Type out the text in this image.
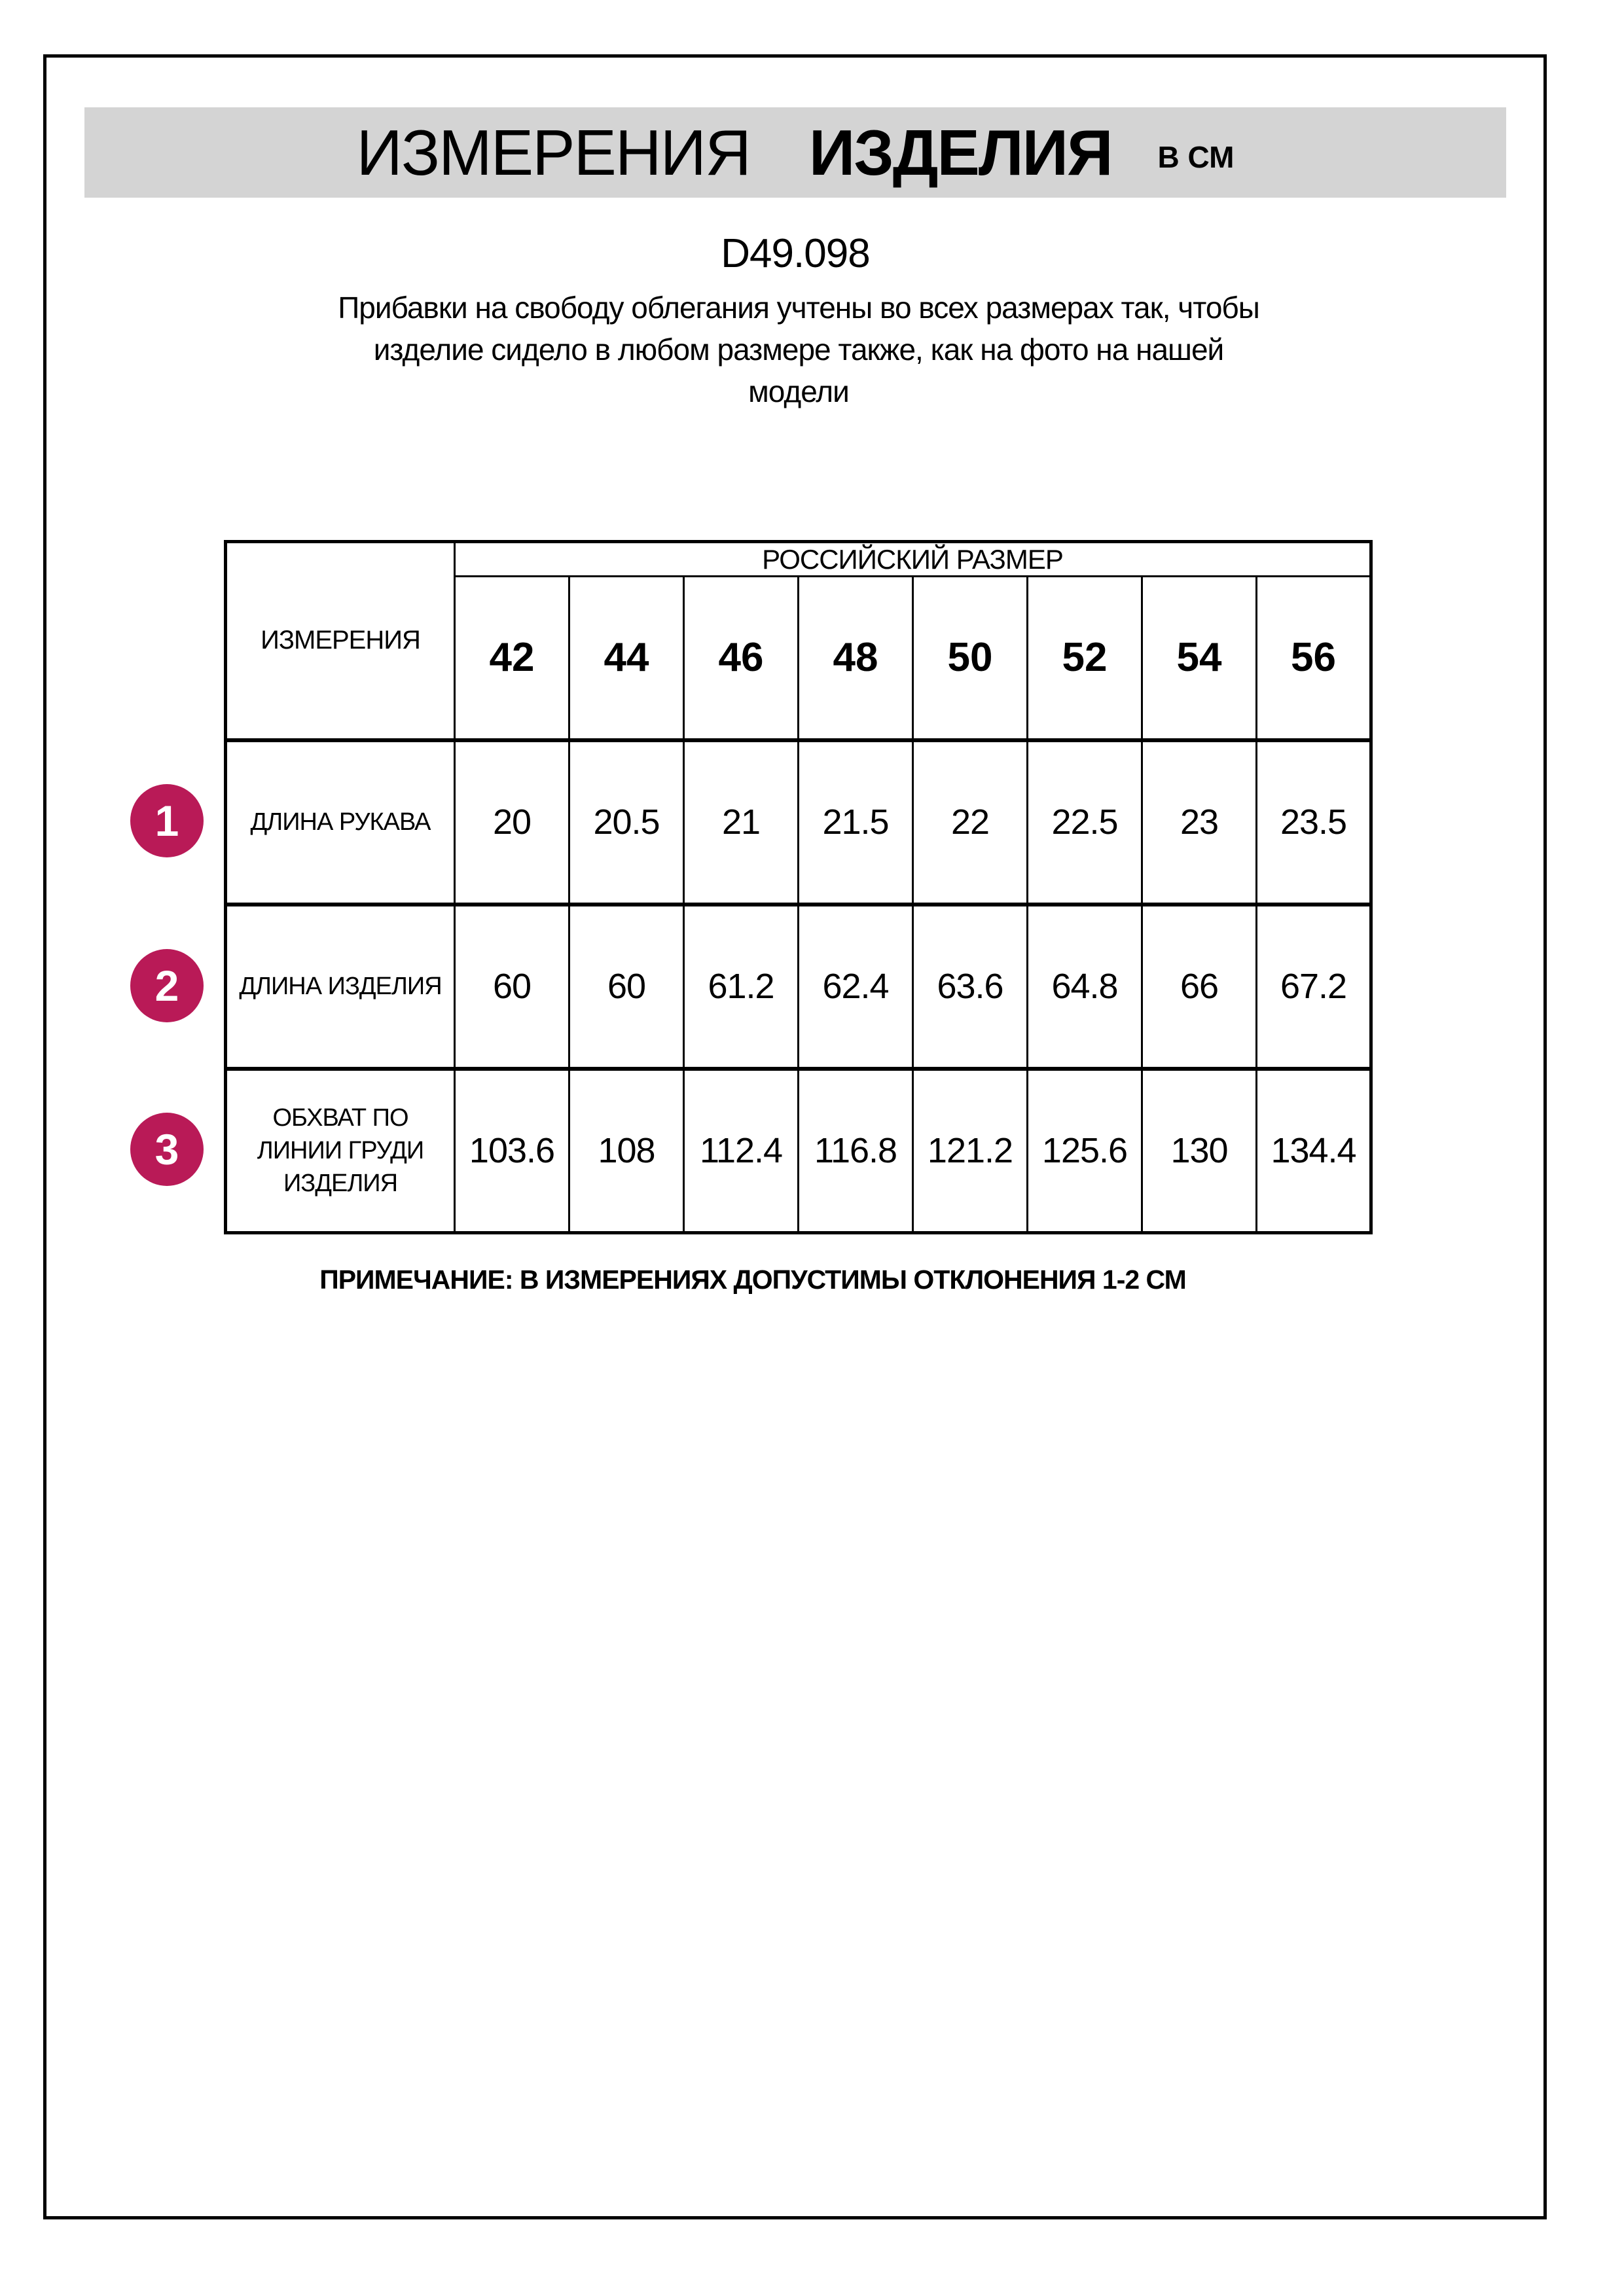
ИЗМЕРЕНИЯ ИЗДЕЛИЯ В СМ
D49.098
Прибавки на свободу облегания учтены во всех размерах так, чтобы
изделие сидело в любом размере также, как на фото на нашей
модели
ИЗМЕРЕНИЯ	РОССИЙСКИЙ РАЗМЕР							
	42	44	46	48	50	52	54	56
ДЛИНА РУКАВА	20	20.5	21	21.5	22	22.5	23	23.5
ДЛИНА ИЗДЕЛИЯ	60	60	61.2	62.4	63.6	64.8	66	67.2
ОБХВАТ ПО ЛИНИИ ГРУДИ ИЗДЕЛИЯ	103.6	108	112.4	116.8	121.2	125.6	130	134.4
1
2
3
ПРИМЕЧАНИЕ: В ИЗМЕРЕНИЯХ ДОПУСТИМЫ ОТКЛОНЕНИЯ 1-2 СМ
